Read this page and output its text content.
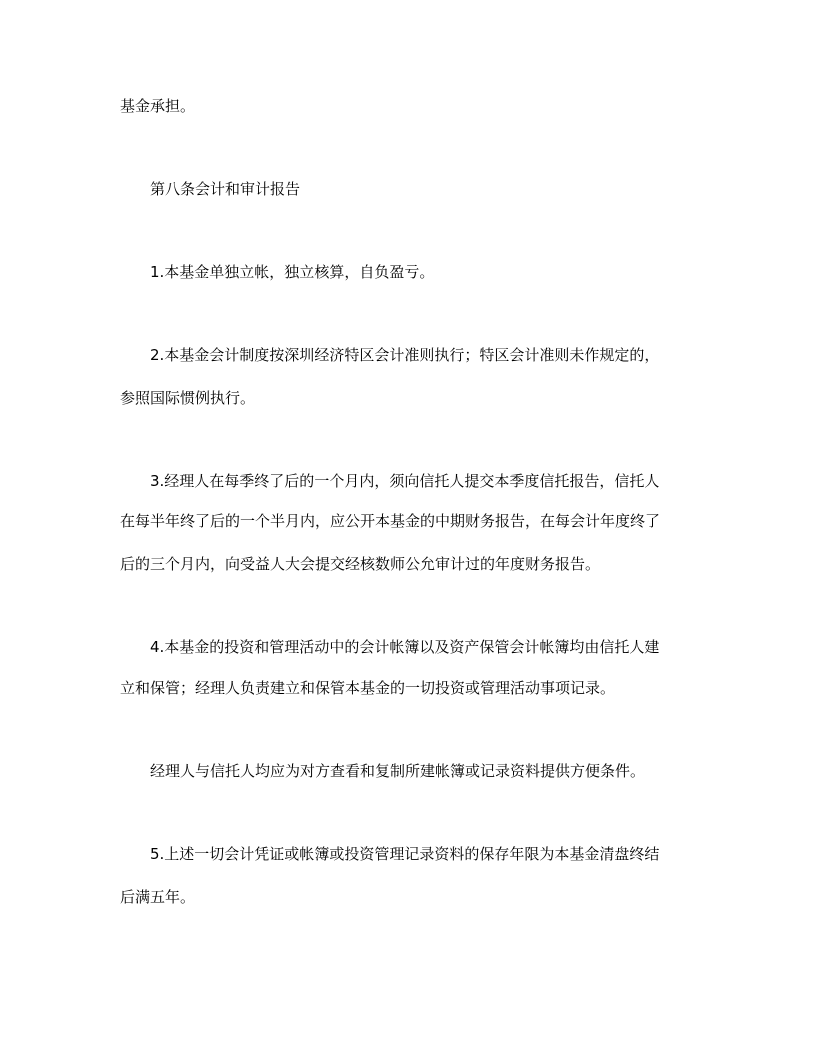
基金承担。
第八条会计和审计报告
1.本基金单独立帐，独立核算，自负盈亏。
2.本基金会计制度按深圳经济特区会计准则执行；特区会计准则未作规定的，
参照国际惯例执行。
3.经理人在每季终了后的一个月内，须向信托人提交本季度信托报告，信托人
在每半年终了后的一个半月内，应公开本基金的中期财务报告，在每会计年度终了
后的三个月内，向受益人大会提交经核数师公允审计过的年度财务报告。
4.本基金的投资和管理活动中的会计帐簿以及资产保管会计帐簿均由信托人建
立和保管；经理人负责建立和保管本基金的一切投资或管理活动事项记录。
经理人与信托人均应为对方查看和复制所建帐簿或记录资料提供方便条件。
5.上述一切会计凭证或帐簿或投资管理记录资料的保存年限为本基金清盘终结
后满五年。
